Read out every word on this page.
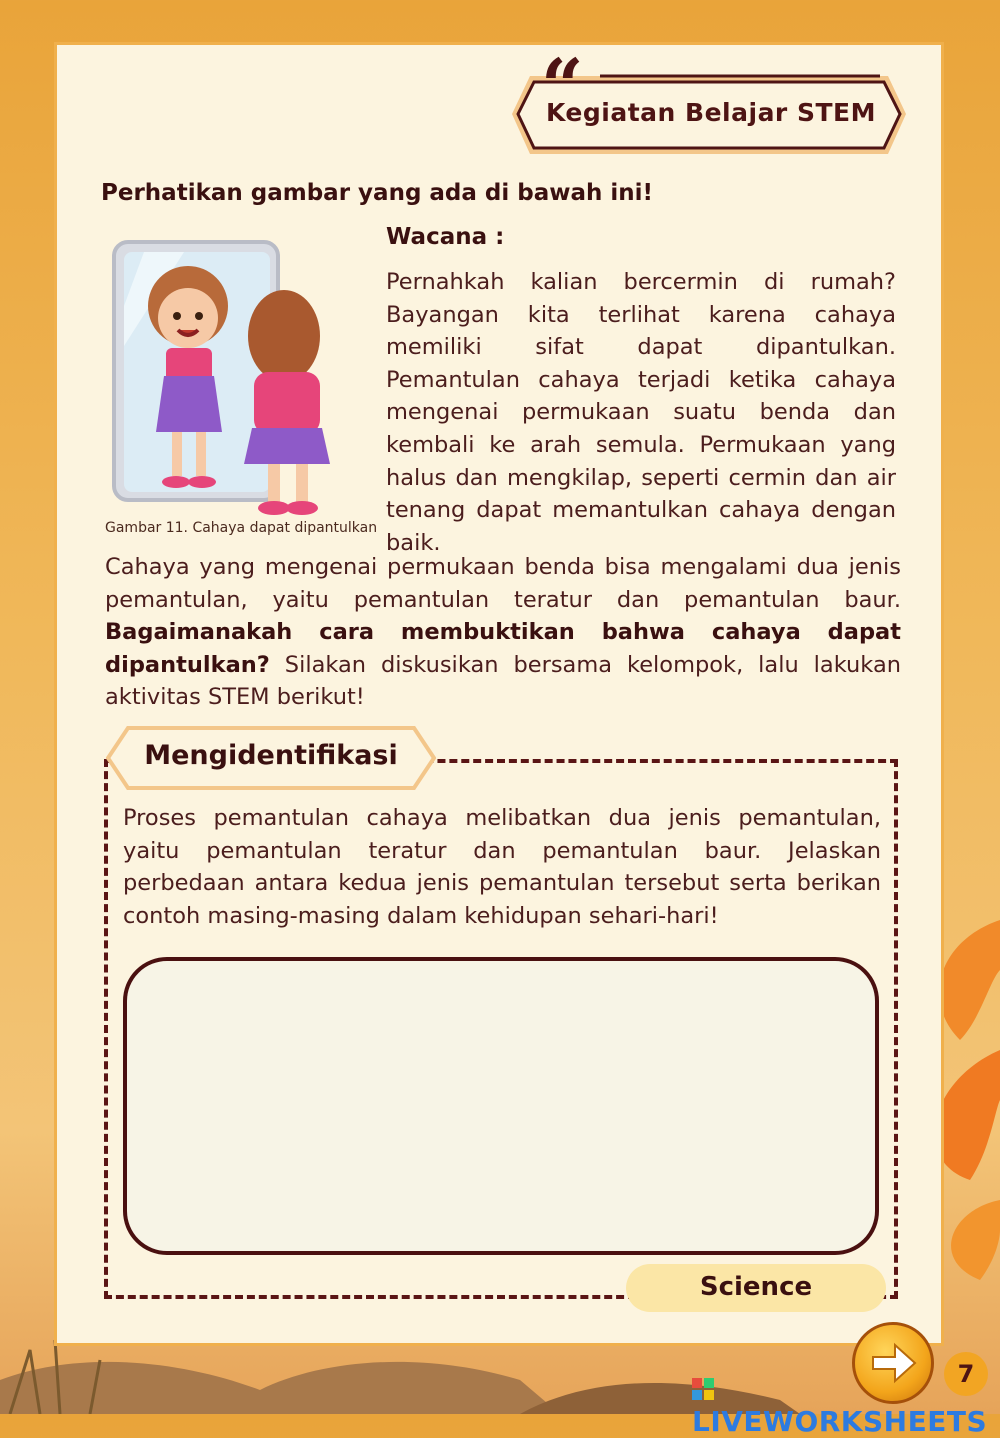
“
Kegiatan Belajar STEM
Perhatikan gambar yang ada di bawah ini!
Gambar 11. Cahaya dapat dipantulkan
Wacana :
Pernahkah kalian bercermin di rumah? Bayangan kita terlihat karena cahaya memiliki sifat dapat dipantulkan. Pemantulan cahaya terjadi ketika cahaya mengenai permukaan suatu benda dan kembali ke arah semula. Permukaan yang halus dan mengkilap, seperti cermin dan air tenang dapat memantulkan cahaya dengan baik.
Cahaya yang mengenai permukaan benda bisa mengalami dua jenis pemantulan, yaitu pemantulan teratur dan pemantulan baur. Bagaimanakah cara membuktikan bahwa cahaya dapat dipantulkan? Silakan diskusikan bersama kelompok, lalu lakukan aktivitas STEM berikut!
Mengidentifikasi
Proses pemantulan cahaya melibatkan dua jenis pemantulan, yaitu pemantulan teratur dan pemantulan baur. Jelaskan perbedaan antara kedua jenis pemantulan tersebut serta berikan contoh masing-masing dalam kehidupan sehari-hari!
Science
7
LIVEWORKSHEETS
